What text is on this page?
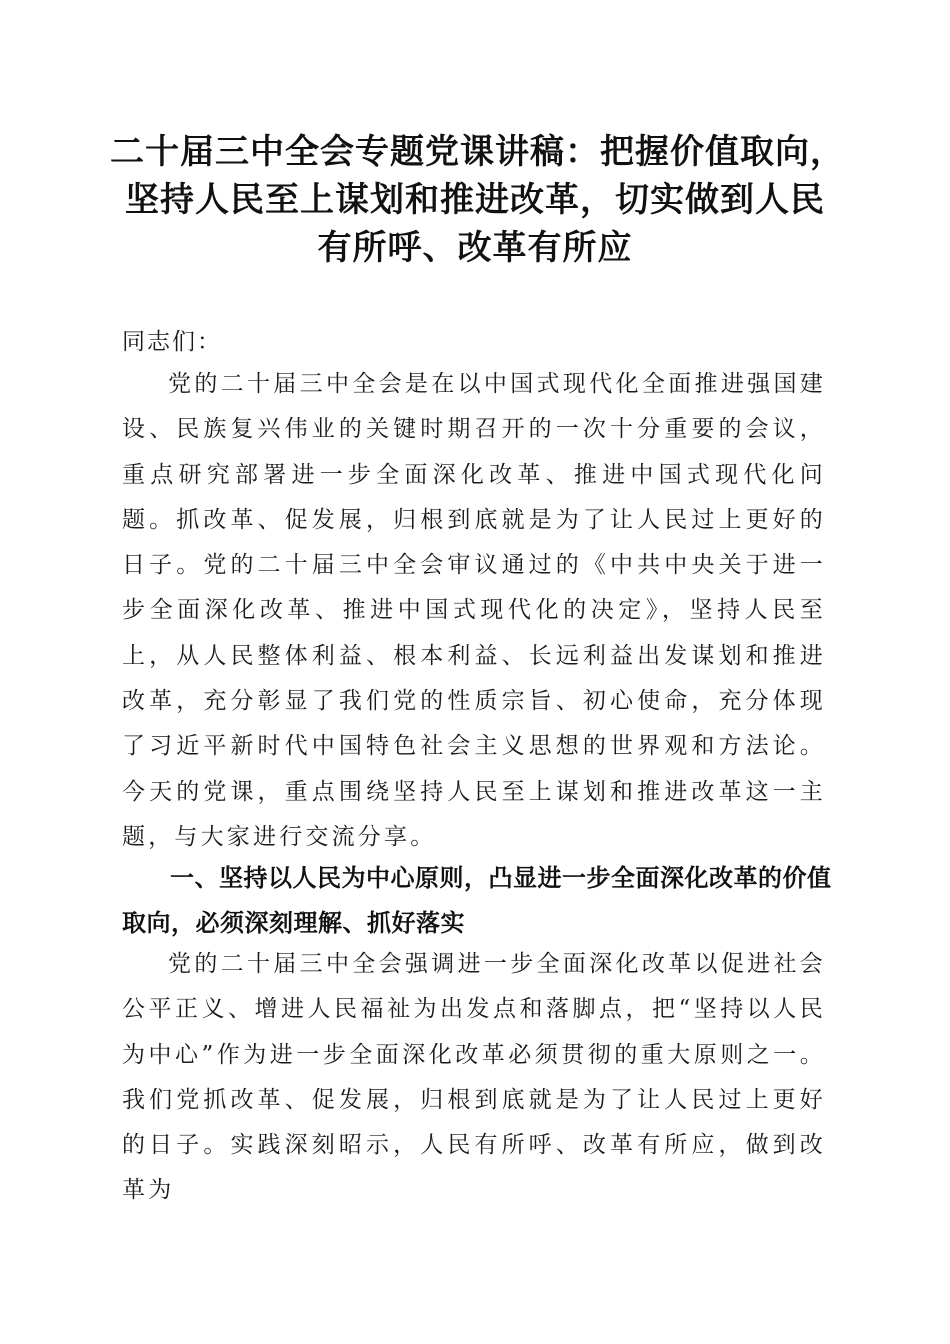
二十届三中全会专题党课讲稿：把握价值取向，
坚持人民至上谋划和推进改革，切实做到人民
有所呼、改革有所应
同志们：
党的二十届三中全会是在以中国式现代化全面推进强国建设、民族复兴伟业的关键时期召开的一次十分重要的会议，重点研究部署进一步全面深化改革、推进中国式现代化问题。抓改革、促发展，归根到底就是为了让人民过上更好的日子。党的二十届三中全会审议通过的《中共中央关于进一步全面深化改革、推进中国式现代化的决定》，坚持人民至上，从人民整体利益、根本利益、长远利益出发谋划和推进改革，充分彰显了我们党的性质宗旨、初心使命，充分体现了习近平新时代中国特色社会主义思想的世界观和方法论。今天的党课，重点围绕坚持人民至上谋划和推进改革这一主题，与大家进行交流分享。
一、坚持以人民为中心原则，凸显进一步全面深化改革的价值取向，必须深刻理解、抓好落实
党的二十届三中全会强调进一步全面深化改革以促进社会公平正义、增进人民福祉为出发点和落脚点，把“坚持以人民为中心”作为进一步全面深化改革必须贯彻的重大原则之一。我们党抓改革、促发展，归根到底就是为了让人民过上更好的日子。实践深刻昭示，人民有所呼、改革有所应，做到改革为
